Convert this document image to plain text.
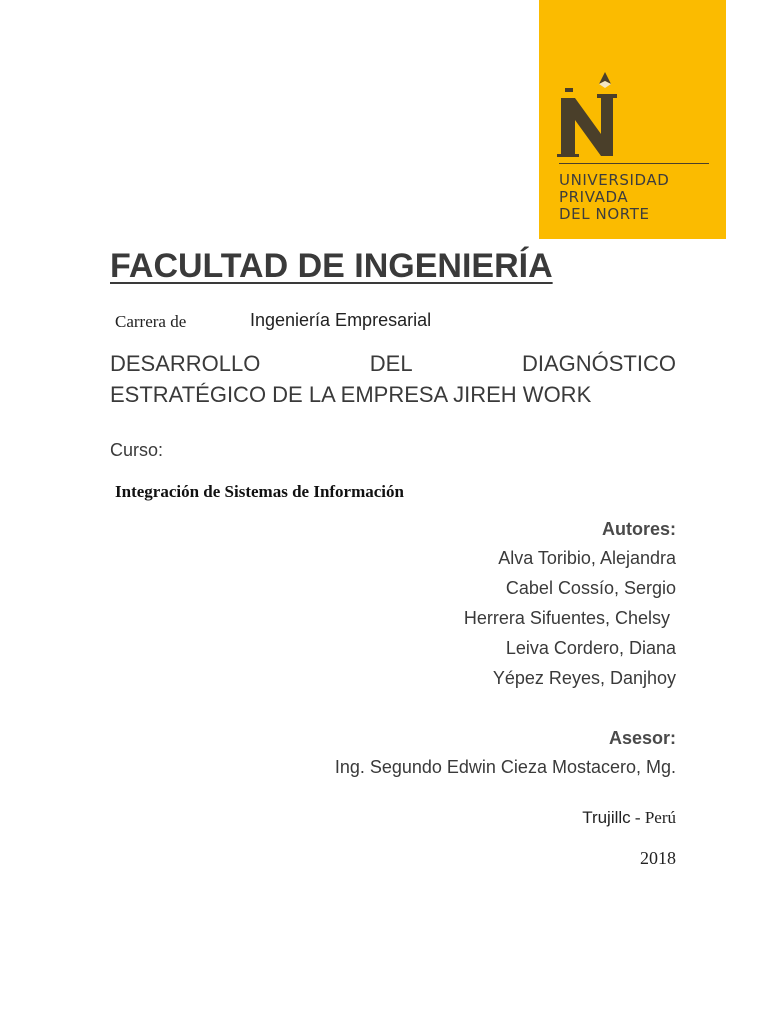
UNIVERSIDAD
PRIVADA
DEL NORTE
FACULTAD DE INGENIERÍA
Carrera de	Ingeniería Empresarial
DESARROLLO	DEL	DIAGNÓSTICO
ESTRATÉGICO DE LA EMPRESA JIREH WORK
Curso:
Integración de Sistemas de Información
Autores:
Alva Toribio, Alejandra
Cabel Cossío, Sergio
Herrera Sifuentes, Chelsy
Leiva Cordero, Diana
Yépez Reyes, Danjhoy
Asesor:
Ing. Segundo Edwin Cieza Mostacero, Mg.
Trujillc - Perú
2018
